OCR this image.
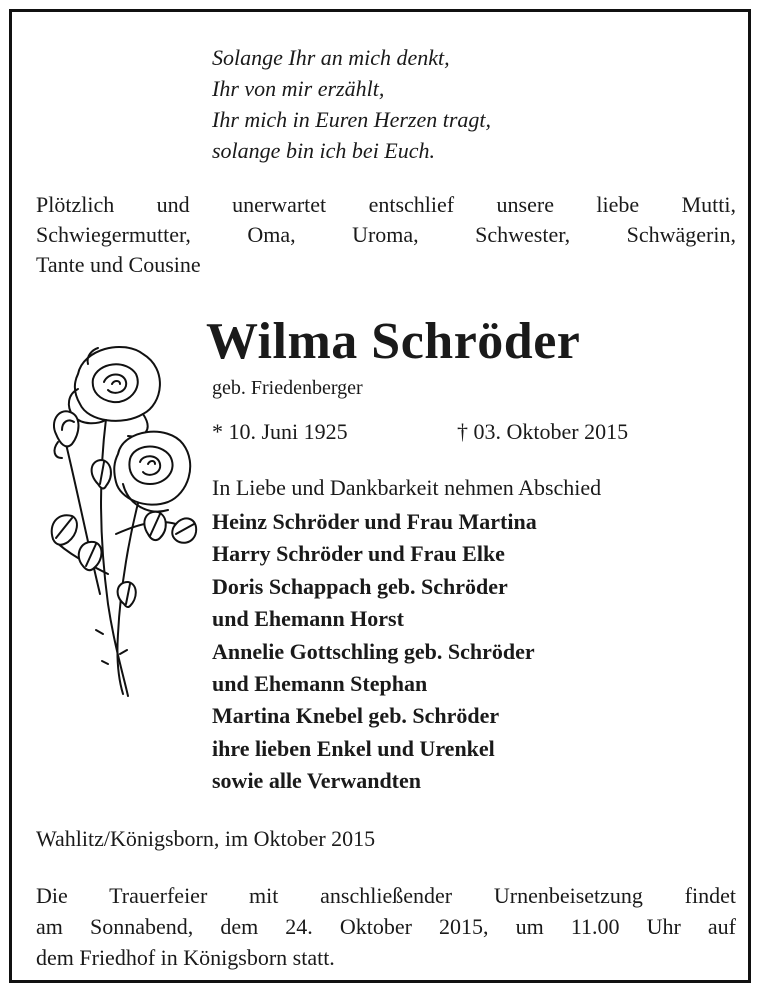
Solange Ihr an mich denkt,
Ihr von mir erzählt,
Ihr mich in Euren Herzen tragt,
solange bin ich bei Euch.
Plötzlich und unerwartet entschlief unsere liebe Mutti,
Schwiegermutter, Oma, Uroma, Schwester, Schwägerin,
Tante und Cousine
Wilma Schröder
geb. Friedenberger
* 10. Juni 1925	† 03. Oktober 2015
In Liebe und Dankbarkeit nehmen Abschied
Heinz Schröder und Frau Martina
Harry Schröder und Frau Elke
Doris Schappach geb. Schröder
und Ehemann Horst
Annelie Gottschling geb. Schröder
und Ehemann Stephan
Martina Knebel geb. Schröder
ihre lieben Enkel und Urenkel
sowie alle Verwandten
Wahlitz/Königsborn, im Oktober 2015
Die Trauerfeier mit anschließender Urnenbeisetzung findet
am Sonnabend, dem 24. Oktober 2015, um 11.00 Uhr auf
dem Friedhof in Königsborn statt.
